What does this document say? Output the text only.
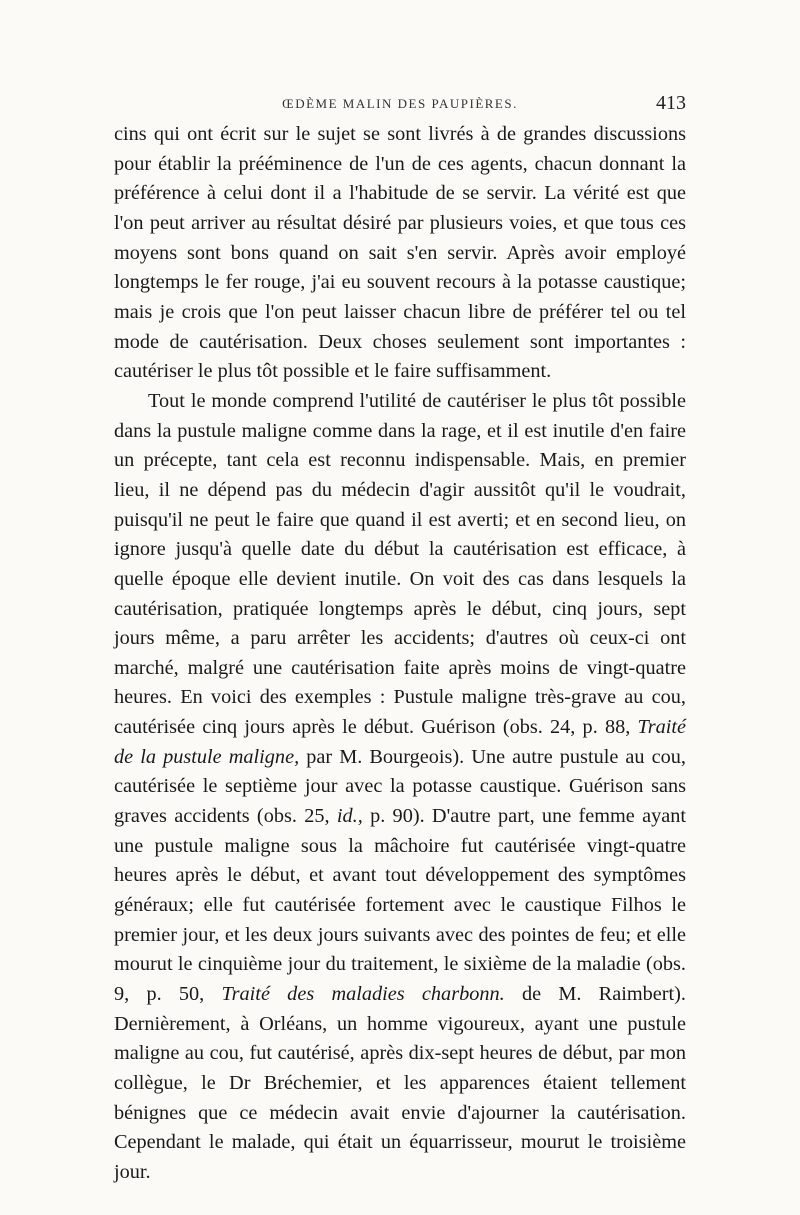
ŒDÈME MALIN DES PAUPIÈRES.	413

cins qui ont écrit sur le sujet se sont livrés à de grandes discussions pour établir la prééminence de l'un de ces agents, chacun donnant la préférence à celui dont il a l'habitude de se servir. La vérité est que l'on peut arriver au résultat désiré par plusieurs voies, et que tous ces moyens sont bons quand on sait s'en servir. Après avoir employé longtemps le fer rouge, j'ai eu souvent recours à la potasse caustique; mais je crois que l'on peut laisser chacun libre de préférer tel ou tel mode de cautérisation. Deux choses seulement sont importantes : cautériser le plus tôt possible et le faire suffisamment.

Tout le monde comprend l'utilité de cautériser le plus tôt possible dans la pustule maligne comme dans la rage, et il est inutile d'en faire un précepte, tant cela est reconnu indispensable. Mais, en premier lieu, il ne dépend pas du médecin d'agir aussitôt qu'il le voudrait, puisqu'il ne peut le faire que quand il est averti; et en second lieu, on ignore jusqu'à quelle date du début la cautérisation est efficace, à quelle époque elle devient inutile. On voit des cas dans lesquels la cautérisation, pratiquée longtemps après le début, cinq jours, sept jours même, a paru arrêter les accidents; d'autres où ceux-ci ont marché, malgré une cautérisation faite après moins de vingt-quatre heures. En voici des exemples : Pustule maligne très-grave au cou, cautérisée cinq jours après le début. Guérison (obs. 24, p. 88, Traité de la pustule maligne, par M. Bourgeois). Une autre pustule au cou, cautérisée le septième jour avec la potasse caustique. Guérison sans graves accidents (obs. 25, id., p. 90). D'autre part, une femme ayant une pustule maligne sous la mâchoire fut cautérisée vingt-quatre heures après le début, et avant tout développement des symptômes généraux; elle fut cautérisée fortement avec le caustique Filhos le premier jour, et les deux jours suivants avec des pointes de feu; et elle mourut le cinquième jour du traitement, le sixième de la maladie (obs. 9, p. 50, Traité des maladies charbonn. de M. Raimbert). Dernièrement, à Orléans, un homme vigoureux, ayant une pustule maligne au cou, fut cautérisé, après dix-sept heures de début, par mon collègue, le Dr Bréchemier, et les apparences étaient tellement bénignes que ce médecin avait envie d'ajourner la cautérisation. Cependant le malade, qui était un équarrisseur, mourut le troisième jour.
